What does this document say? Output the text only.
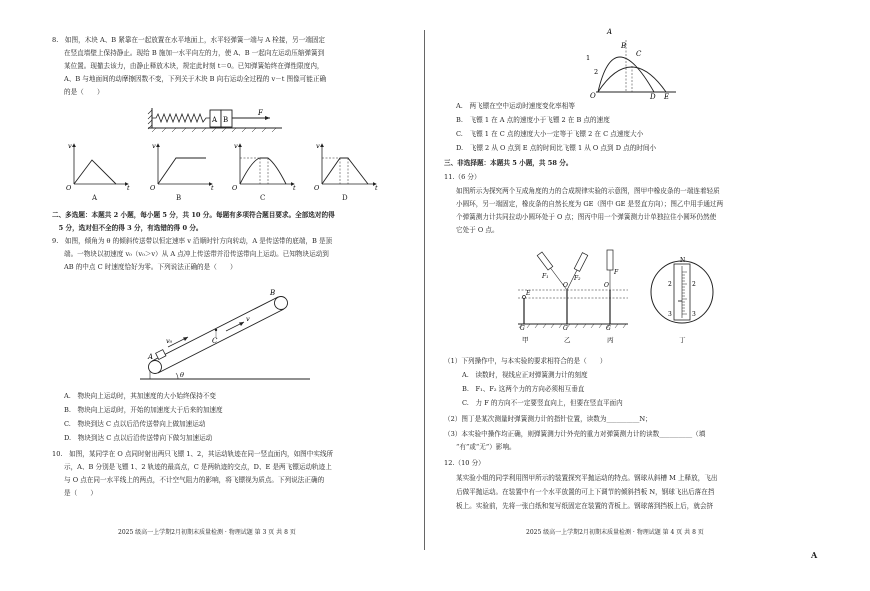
8.　如图，木块 A、B 紧靠在一起放置在水平地面上，水平轻弹簧一端与 A 栓接，另一端固定
在竖直墙壁上保持静止。现给 B 施加一水平向左的力，使 A、B 一起向左运动压缩弹簧到
某位置。现撤去该力，由静止释放木块，规定此时刻 t＝0。已知弹簧始终在弹性限度内，
A、B 与地面间的动摩擦因数不变，下列关于木块 B 向右运动全过程的 v－t 图像可能正确
的是（　　）
A B
F
v
O	t
v
O	t
v
O	t
v
O	t
A	B	C	D
二、多选题：本题共 2 小题，每小题 5 分，共 10 分。每题有多项符合题目要求。全部选对的得
　5 分，选对但不全的得 3 分，有选错的得 0 分。
9.　如图，倾角为 θ 的倾斜传送带以恒定速率 v 沿顺时针方向转动，A 是传送带的底端，B 是顶
端。一物块以初速度 v₀（v₀＞v）从 A 点冲上传送带并沿传送带向上运动。已知物块运动到
AB 的中点 C 时速度恰好为零。下列说法正确的是（　　）
A
B
C
v₀
v
θ
A.　物块向上运动时，其加速度的大小始终保持不变
B.　物块向上运动时，开始的加速度大于后来的加速度
C.　物块到达 C 点以后沿传送带向上做加速运动
D.　物块到达 C 点以后沿传送带向下做匀加速运动
10.　如图，某同学在 O 点同时射出两只飞镖 1、2，其运动轨迹在同一竖直面内，如图中实线所
示，A、B 分别是飞镖 1、2 轨迹的最高点，C 是两轨迹的交点，D、E 是两飞镖运动轨迹上
与 O 点在同一水平线上的两点，不计空气阻力的影响，将飞镖视为质点。下列说法正确的
是（　　）
2025 级高一上学期2月初期末质量检测 · 物理试题 第 3 页 共 8 页
A
B
C
1
2
O	D E
A.　两飞镖在空中运动时速度变化率相等
B.　飞镖 1 在 A 点的速度小于飞镖 2 在 B 点的速度
C.　飞镖 1 在 C 点的速度大小一定等于飞镖 2 在 C 点速度大小
D.　飞镖 2 从 O 点到 E 点的时间比飞镖 1 从 O 点到 D 点的时间小
三、非选择题：本题共 5 小题，共 58 分。
11.（6 分）
如图所示为探究两个互成角度的力的合成规律实验的示意图，图甲中橡皮条的一端连着轻质
小圆环，另一端固定，橡皮条的自然长度为 GE（图中 GE 是竖直方向）；图乙中用手通过两
个弹簧测力计共同拉动小圆环处于 O 点；图丙中用一个弹簧测力计单独拉住小圆环仍然使
它处于 O 点。
E
G
O
G
F₁	F₂
F
O
G
甲	乙	丙
N
2	2
3	3
丁
（1）下列操作中，与本实验的要求相符合的是（　　）
A.　读数时，视线应正对弹簧测力计的刻度
B.　F₁、F₂ 这两个力的方向必须相互垂直
C.　力 F 的方向不一定要竖直向上，但要在竖直平面内
（2）图丁是某次测量时弹簧测力计的指针位置，读数为__________N；
（3）本实验中操作均正确，则弹簧测力计外壳的重力对弹簧测力计的读数__________（填
“有”或“无”）影响。
12.（10 分）
某实验小组的同学利用图甲所示的装置探究平抛运动的特点。钢球从斜槽 M 上释放，飞出
后做平抛运动。在装置中有一个水平放置的可上下调节的倾斜挡板 N，钢球飞出后落在挡
板上。实验前，先将一张白纸和复写纸固定在装置的背板上。钢球落到挡板上后，就会挤
2025 级高一上学期2月初期末质量检测 · 物理试题 第 4 页 共 8 页
A
